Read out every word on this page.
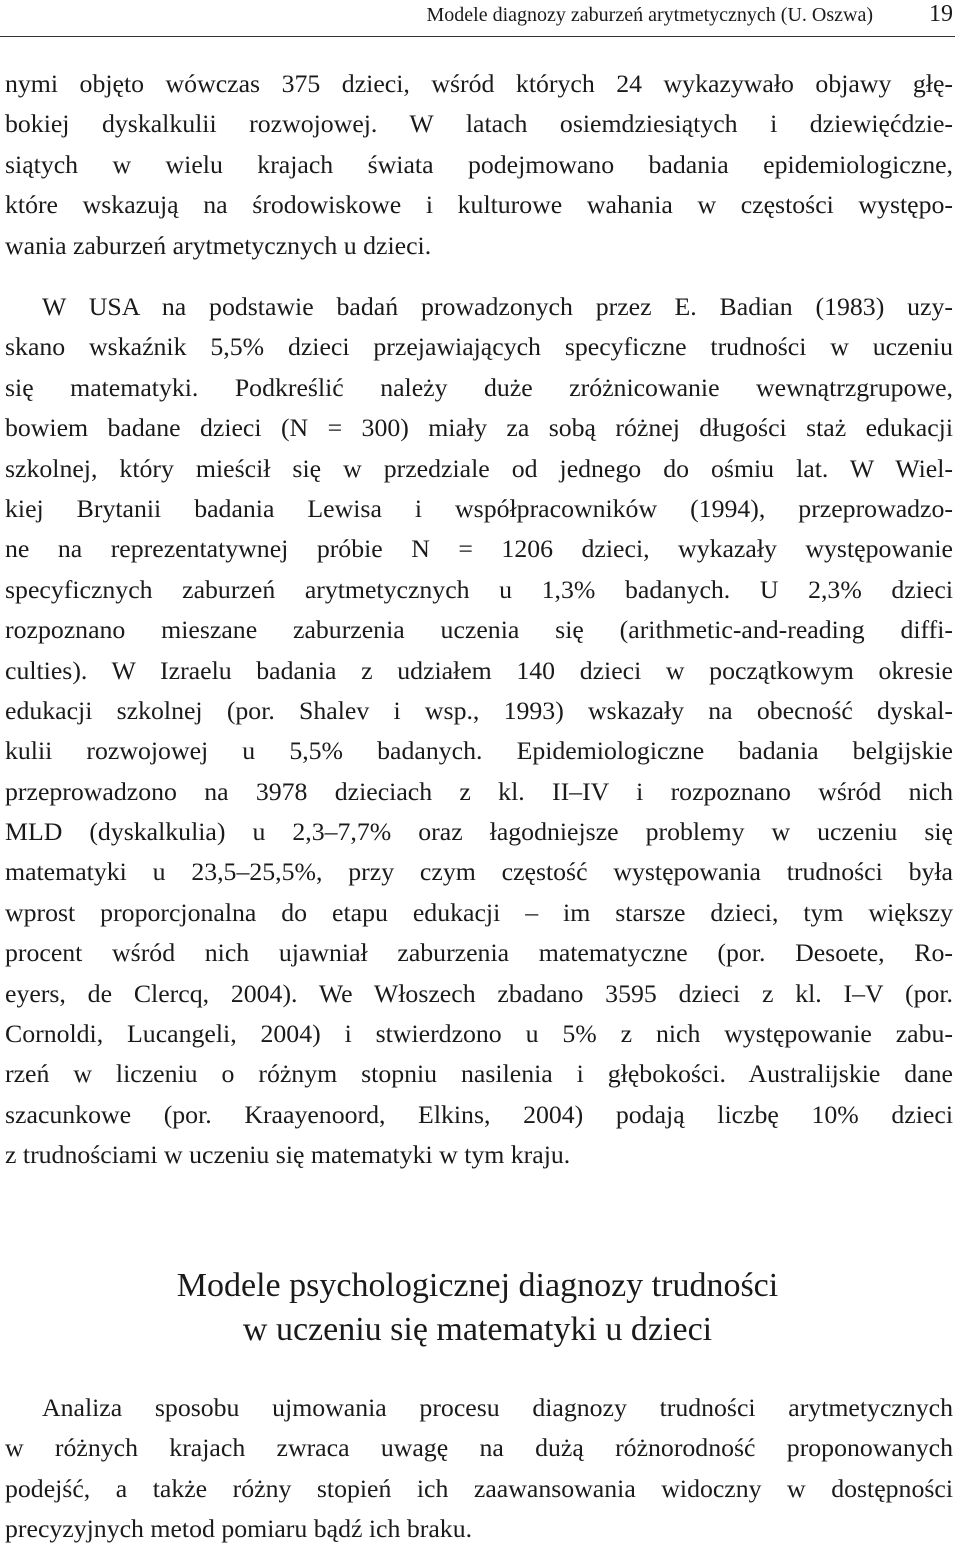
Modele diagnozy zaburzeń arytmetycznych (U. Oszwa) 19
nymi objęto wówczas 375 dzieci, wśród których 24 wykazywało objawy głę-
bokiej dyskalkulii rozwojowej. W latach osiemdziesiątych i dziewięćdzie-
siątych w wielu krajach świata podejmowano badania epidemiologiczne,
które wskazują na środowiskowe i kulturowe wahania w częstości występo-
wania zaburzeń arytmetycznych u dzieci.
W USA na podstawie badań prowadzonych przez E. Badian (1983) uzy-
skano wskaźnik 5,5% dzieci przejawiających specyficzne trudności w uczeniu
się matematyki. Podkreślić należy duże zróżnicowanie wewnątrzgrupowe,
bowiem badane dzieci (N = 300) miały za sobą różnej długości staż edukacji
szkolnej, który mieścił się w przedziale od jednego do ośmiu lat. W Wiel-
kiej Brytanii badania Lewisa i współpracowników (1994), przeprowadzo-
ne na reprezentatywnej próbie N = 1206 dzieci, wykazały występowanie
specyficznych zaburzeń arytmetycznych u 1,3% badanych. U 2,3% dzieci
rozpoznano mieszane zaburzenia uczenia się (arithmetic-and-reading diffi-
culties). W Izraelu badania z udziałem 140 dzieci w początkowym okresie
edukacji szkolnej (por. Shalev i wsp., 1993) wskazały na obecność dyskal-
kulii rozwojowej u 5,5% badanych. Epidemiologiczne badania belgijskie
przeprowadzono na 3978 dzieciach z kl. II–IV i rozpoznano wśród nich
MLD (dyskalkulia) u 2,3–7,7% oraz łagodniejsze problemy w uczeniu się
matematyki u 23,5–25,5%, przy czym częstość występowania trudności była
wprost proporcjonalna do etapu edukacji – im starsze dzieci, tym większy
procent wśród nich ujawniał zaburzenia matematyczne (por. Desoete, Ro-
eyers, de Clercq, 2004). We Włoszech zbadano 3595 dzieci z kl. I–V (por.
Cornoldi, Lucangeli, 2004) i stwierdzono u 5% z nich występowanie zabu-
rzeń w liczeniu o różnym stopniu nasilenia i głębokości. Australijskie dane
szacunkowe (por. Kraayenoord, Elkins, 2004) podają liczbę 10% dzieci
z trudnościami w uczeniu się matematyki w tym kraju.
Modele psychologicznej diagnozy trudności
w uczeniu się matematyki u dzieci
Analiza sposobu ujmowania procesu diagnozy trudności arytmetycznych
w różnych krajach zwraca uwagę na dużą różnorodność proponowanych
podejść, a także różny stopień ich zaawansowania widoczny w dostępności
precyzyjnych metod pomiaru bądź ich braku.
